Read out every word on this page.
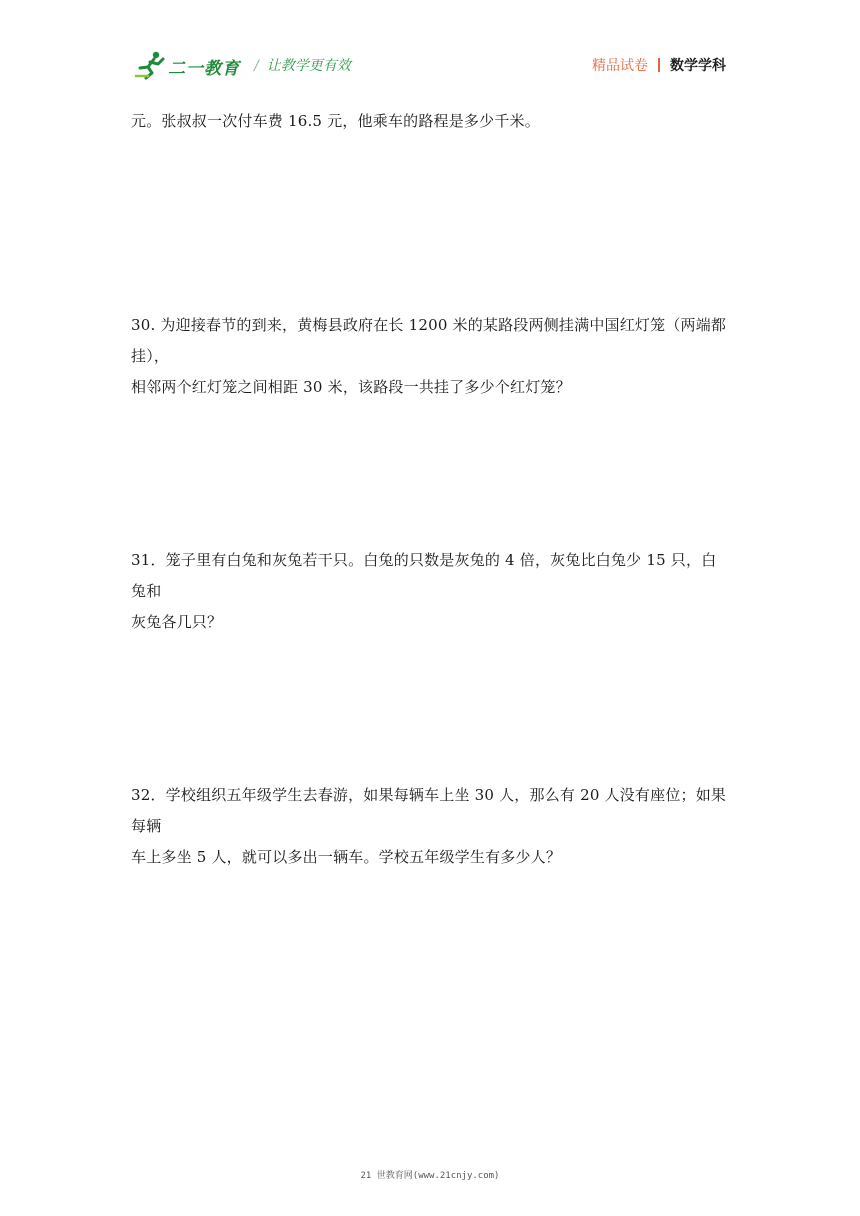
二一教育 / 让教学更有效	精品试卷 数学学科

元。张叔叔一次付车费 16.5 元，他乘车的路程是多少千米。

30. 为迎接春节的到来，黄梅县政府在长 1200 米的某路段两侧挂满中国红灯笼（两端都挂），

相邻两个红灯笼之间相距 30 米，该路段一共挂了多少个红灯笼？

31．笼子里有白兔和灰兔若干只。白兔的只数是灰兔的 4 倍，灰兔比白兔少 15 只，白兔和

灰兔各几只？

32．学校组织五年级学生去春游，如果每辆车上坐 30 人，那么有 20 人没有座位；如果每辆

车上多坐 5 人，就可以多出一辆车。学校五年级学生有多少人？

21 世教育网(www.21cnjy.com)
